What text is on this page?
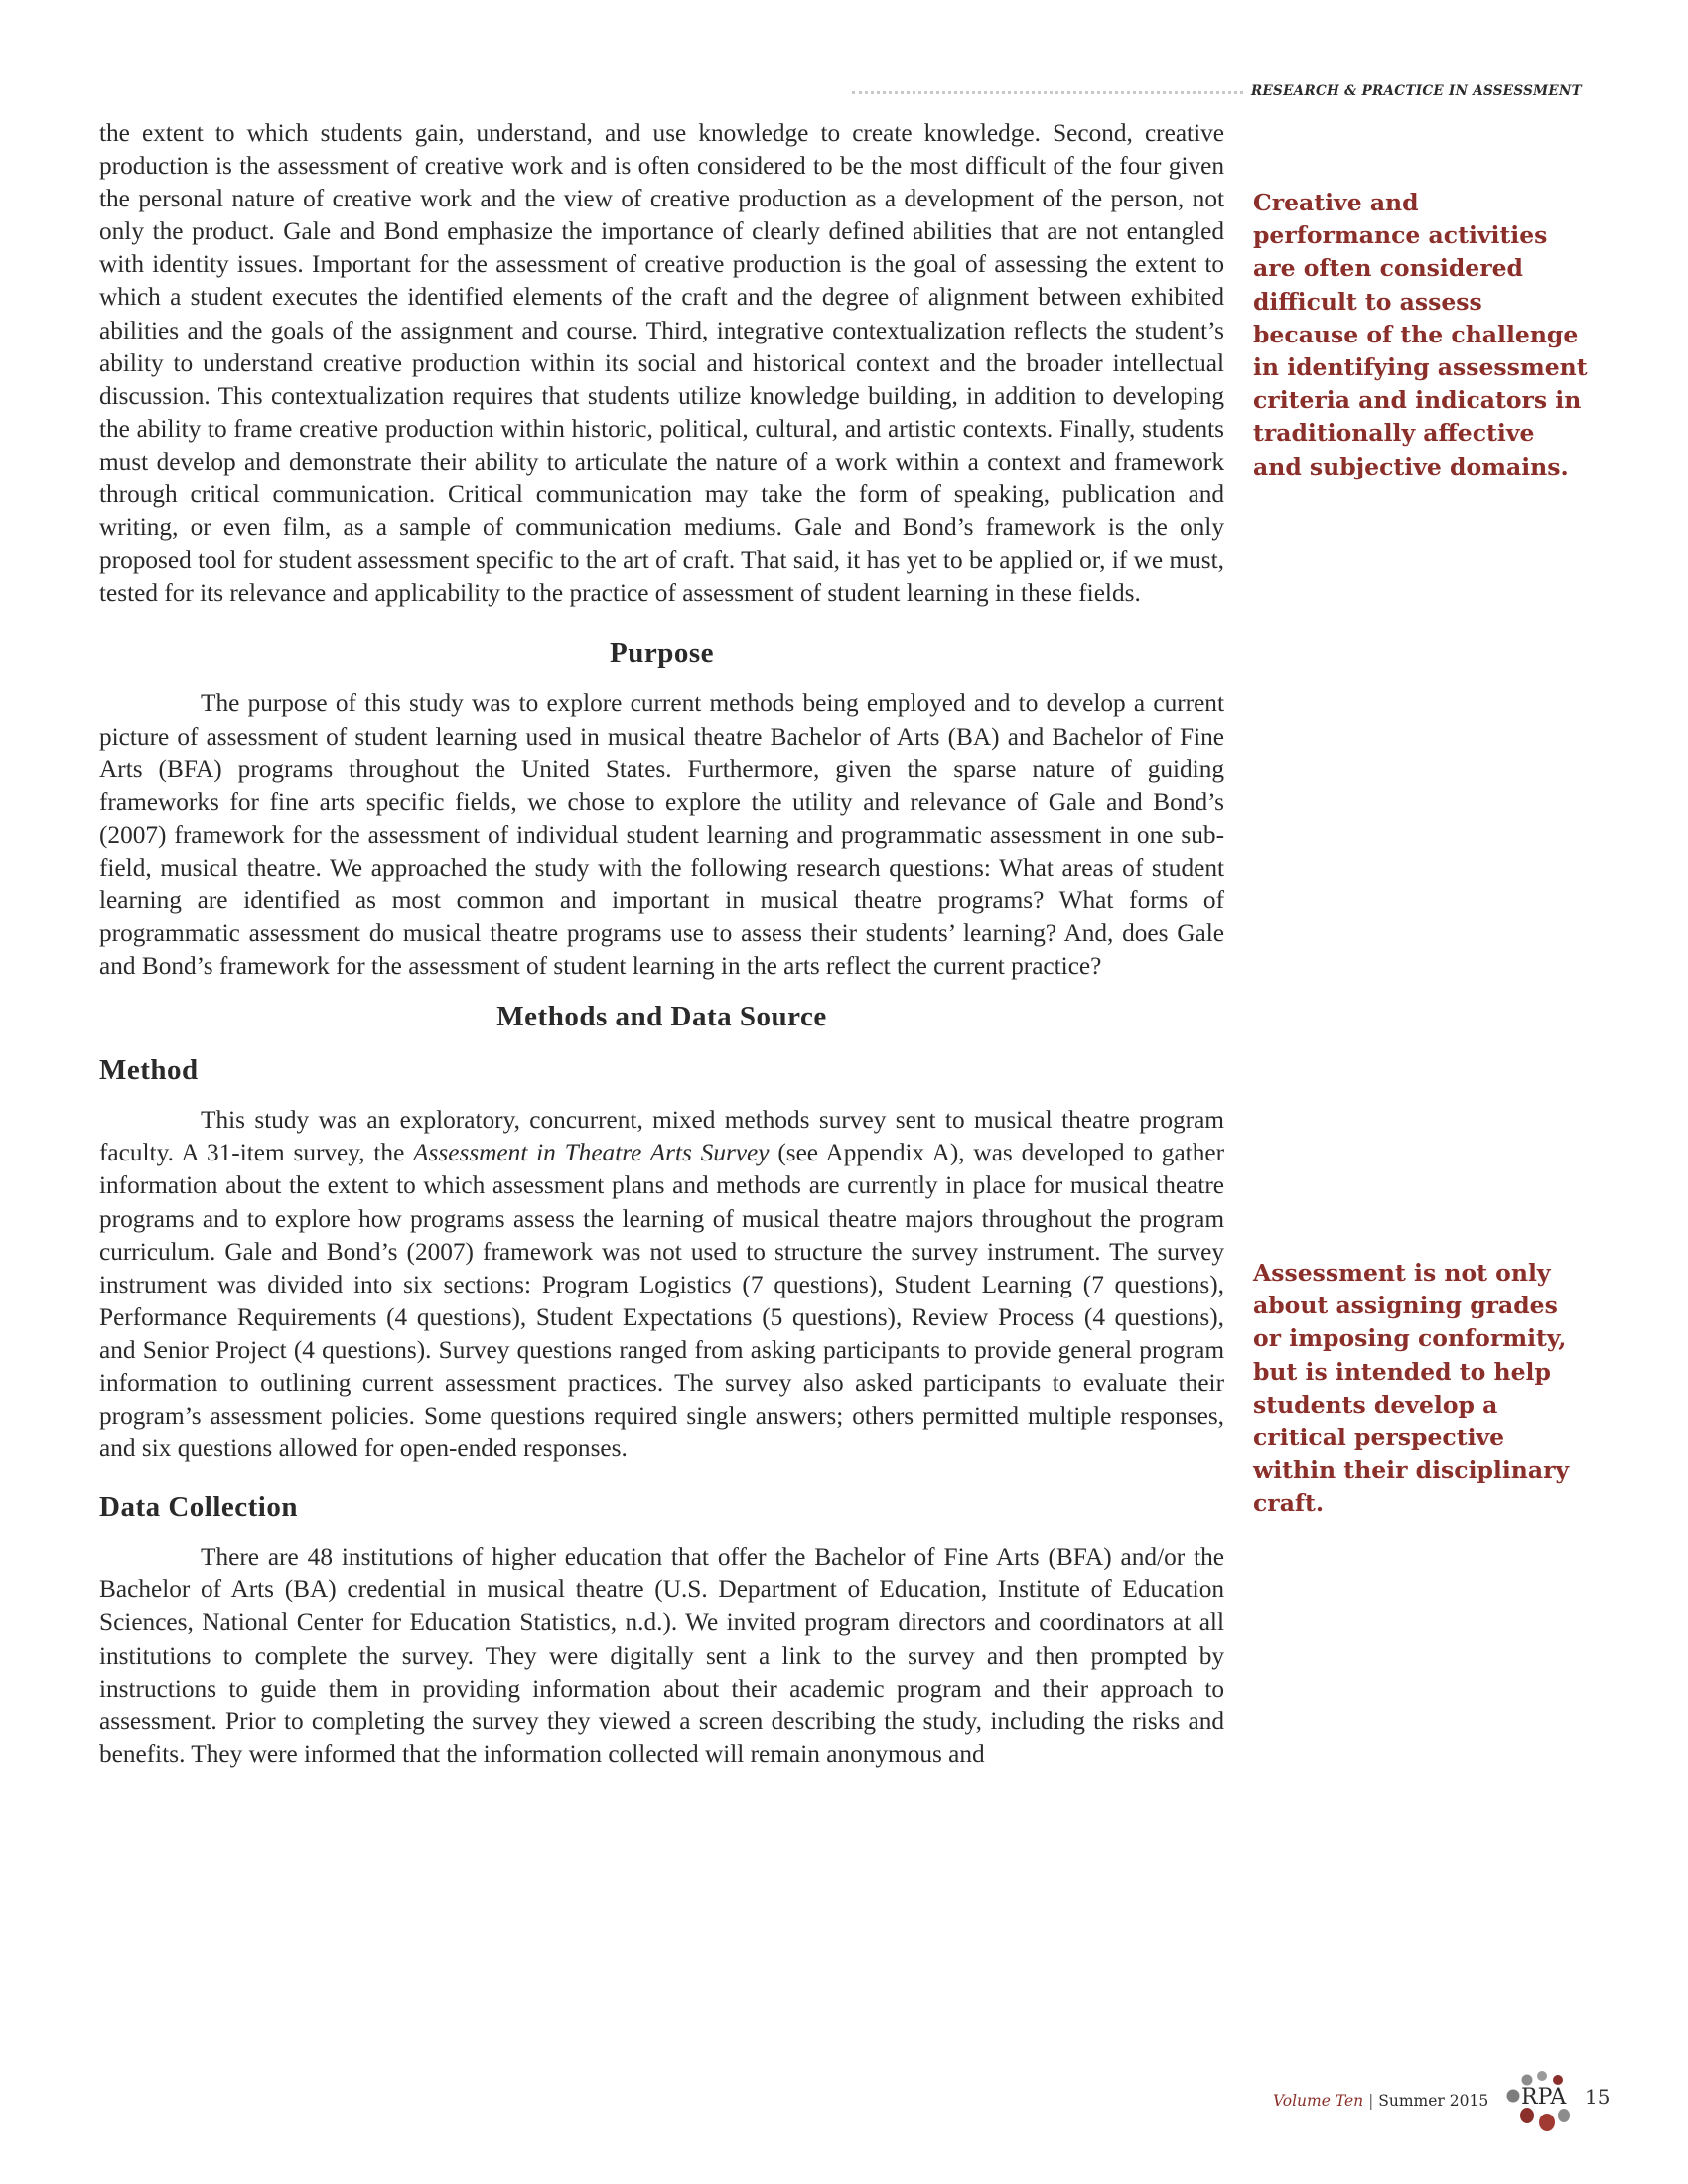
RESEARCH & PRACTICE IN ASSESSMENT

the extent to which students gain, understand, and use knowledge to create knowledge. Second, creative production is the assessment of creative work and is often considered to be the most difficult of the four given the personal nature of creative work and the view of creative production as a development of the person, not only the product. Gale and Bond emphasize the importance of clearly defined abilities that are not entangled with identity issues. Important for the assessment of creative production is the goal of assessing the extent to which a student executes the identified elements of the craft and the degree of alignment between exhibited abilities and the goals of the assignment and course. Third, integrative contextualization reflects the student’s ability to understand creative production within its social and historical context and the broader intellectual discussion. This contextualization requires that students utilize knowledge building, in addition to developing the ability to frame creative production within historic, political, cultural, and artistic contexts. Finally, students must develop and demonstrate their ability to articulate the nature of a work within a context and framework through critical communication. Critical communication may take the form of speaking, publication and writing, or even film, as a sample of communication mediums. Gale and Bond’s framework is the only proposed tool for student assessment specific to the art of craft. That said, it has yet to be applied or, if we must, tested for its relevance and applicability to the practice of assessment of student learning in these fields.

Purpose

The purpose of this study was to explore current methods being employed and to develop a current picture of assessment of student learning used in musical theatre Bachelor of Arts (BA) and Bachelor of Fine Arts (BFA) programs throughout the United States. Furthermore, given the sparse nature of guiding frameworks for fine arts specific fields, we chose to explore the utility and relevance of Gale and Bond’s (2007) framework for the assessment of individual student learning and programmatic assessment in one sub-field, musical theatre. We approached the study with the following research questions: What areas of student learning are identified as most common and important in musical theatre programs? What forms of programmatic assessment do musical theatre programs use to assess their students’ learning? And, does Gale and Bond’s framework for the assessment of student learning in the arts reflect the current practice?

Methods and Data Source
Method

This study was an exploratory, concurrent, mixed methods survey sent to musical theatre program faculty. A 31-item survey, the Assessment in Theatre Arts Survey (see Appendix A), was developed to gather information about the extent to which assessment plans and methods are currently in place for musical theatre programs and to explore how programs assess the learning of musical theatre majors throughout the program curriculum. Gale and Bond’s (2007) framework was not used to structure the survey instrument. The survey instrument was divided into six sections: Program Logistics (7 questions), Student Learning (7 questions), Performance Requirements (4 questions), Student Expectations (5 questions), Review Process (4 questions), and Senior Project (4 questions). Survey questions ranged from asking participants to provide general program information to outlining current assessment practices. The survey also asked participants to evaluate their program’s assessment policies. Some questions required single answers; others permitted multiple responses, and six questions allowed for open-ended responses.

Data Collection

There are 48 institutions of higher education that offer the Bachelor of Fine Arts (BFA) and/or the Bachelor of Arts (BA) credential in musical theatre (U.S. Department of Education, Institute of Education Sciences, National Center for Education Statistics, n.d.). We invited program directors and coordinators at all institutions to complete the survey. They were digitally sent a link to the survey and then prompted by instructions to guide them in providing information about their academic program and their approach to assessment. Prior to completing the survey they viewed a screen describing the study, including the risks and benefits. They were informed that the information collected will remain anonymous and

Creative and performance activities are often considered difficult to assess because of the challenge in identifying assessment criteria and indicators in traditionally affective and subjective domains.
Assessment is not only about assigning grades or imposing conformity, but is intended to help students develop a critical perspective within their disciplinary craft.
Volume Ten | Summer 2015 RPA 15
